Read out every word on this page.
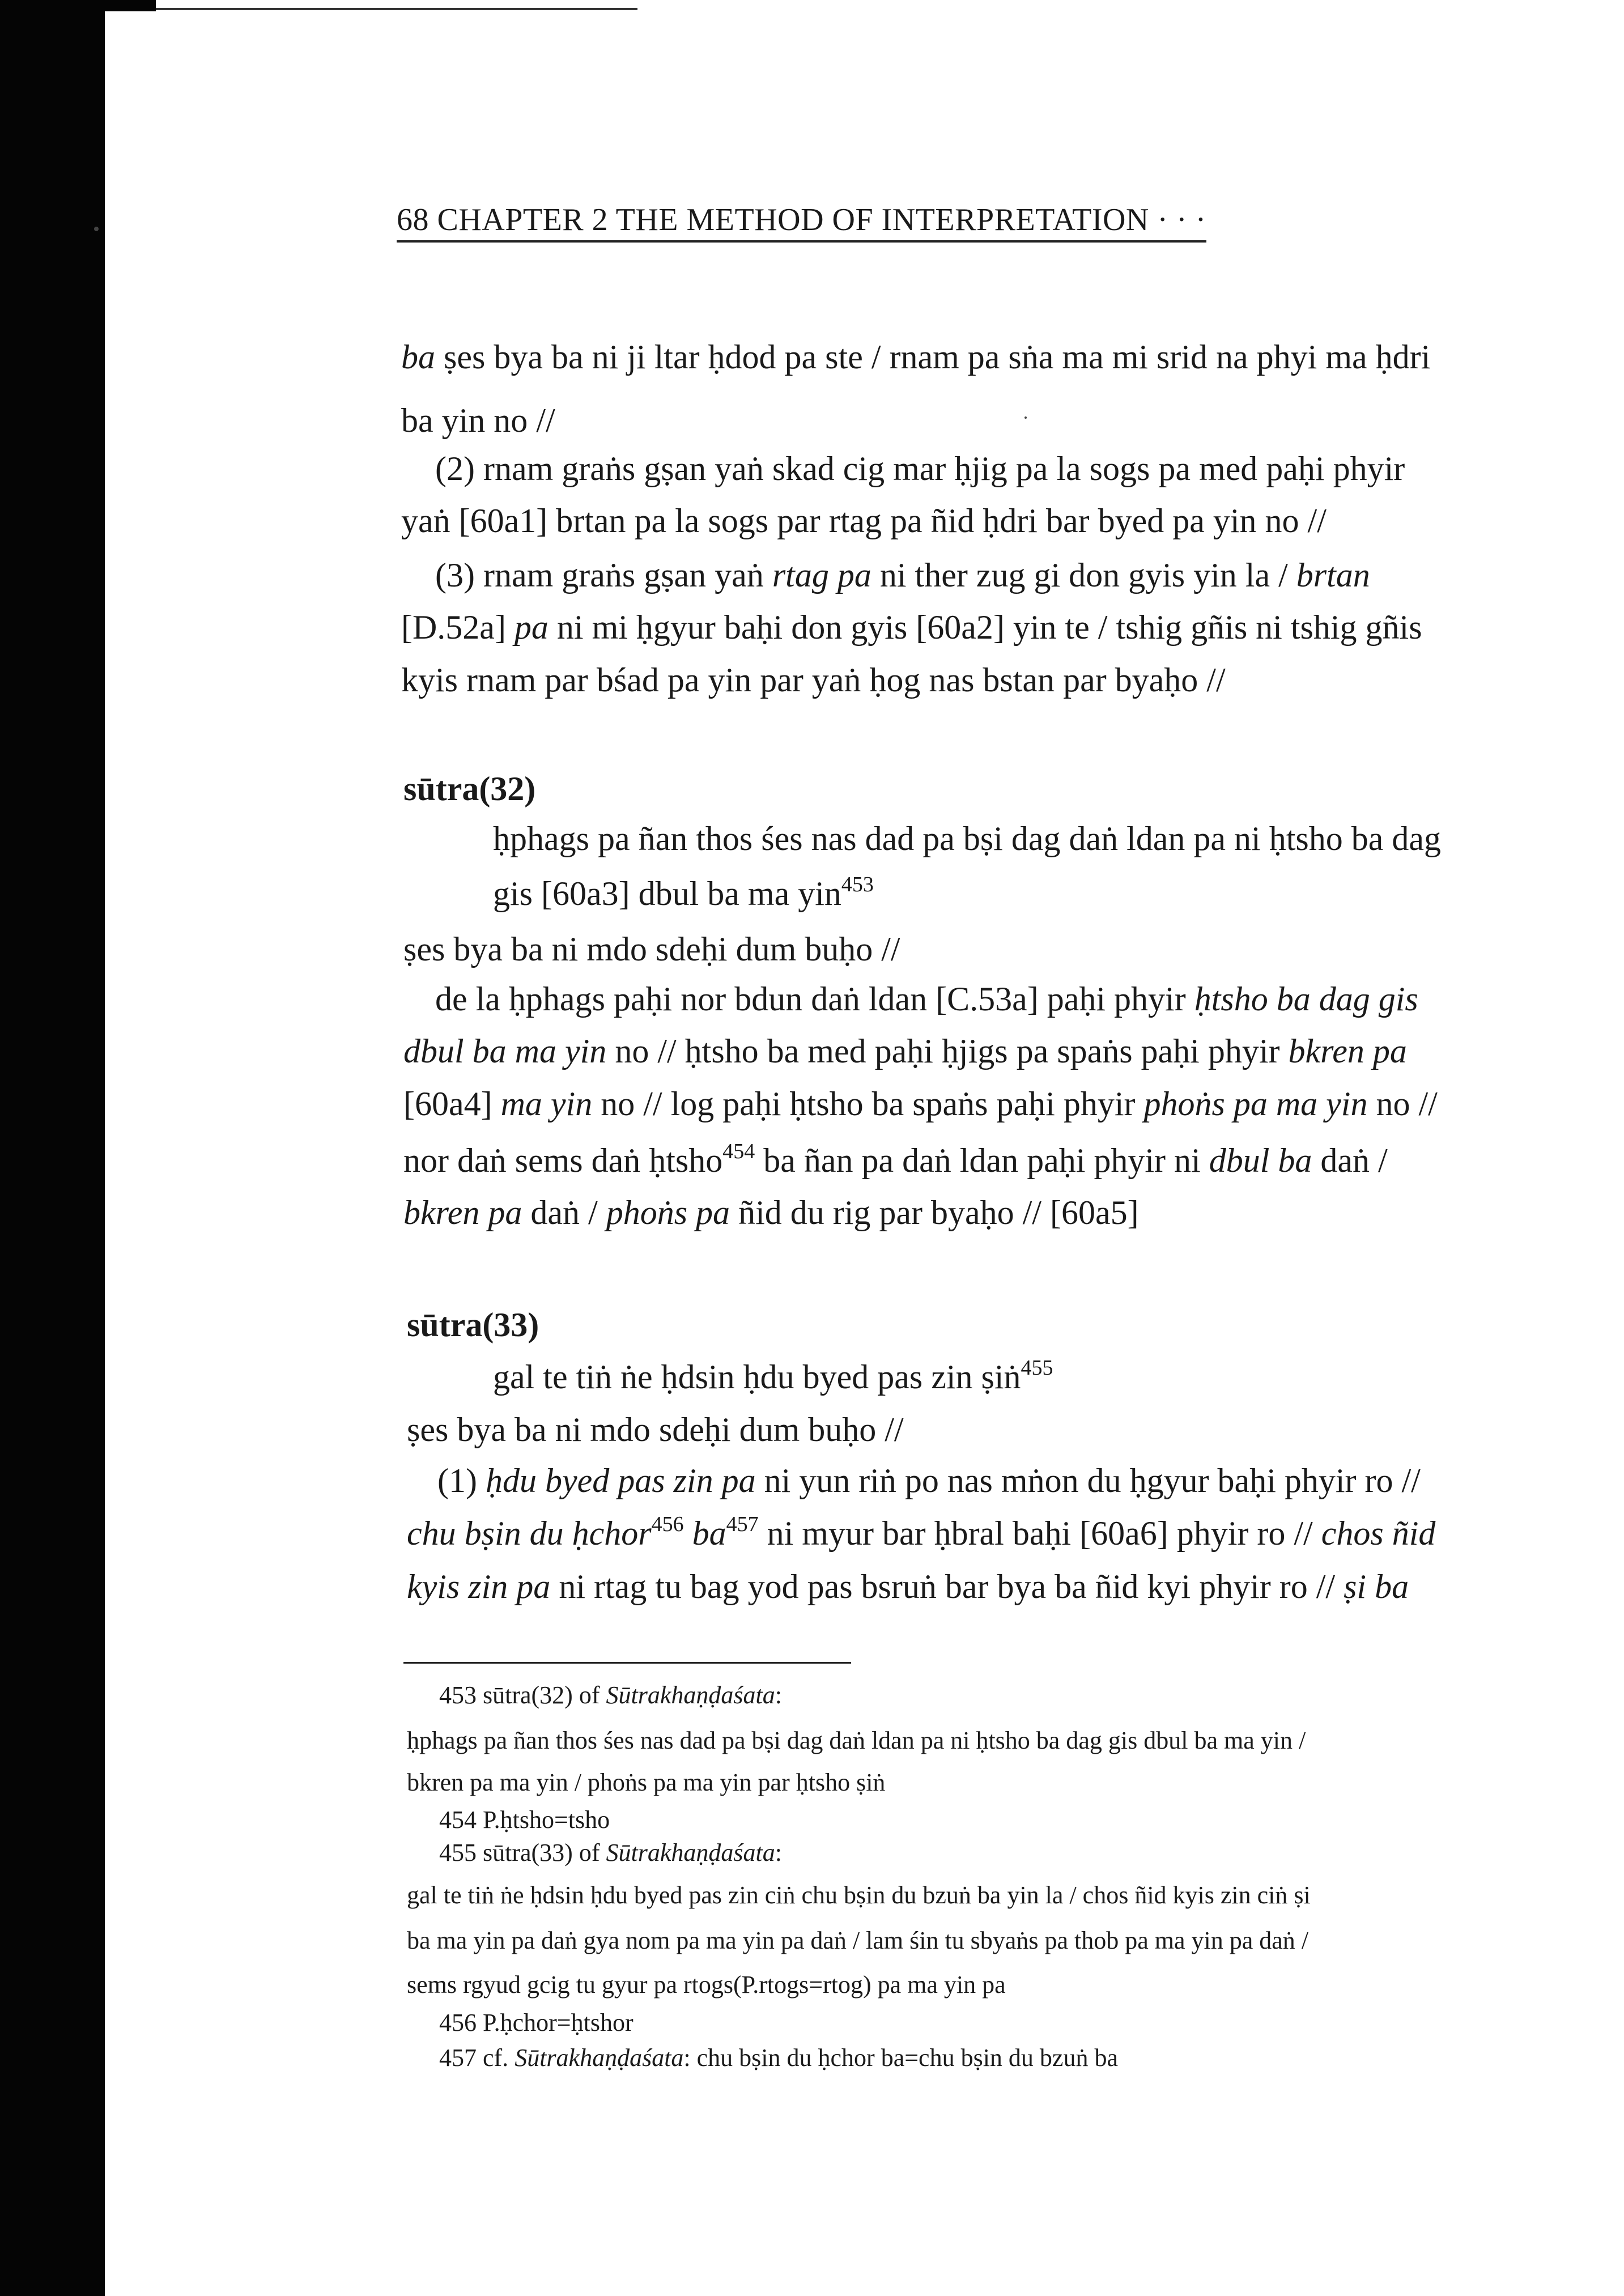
68 CHAPTER 2 THE METHOD OF INTERPRETATION · · ·
ba ṣes bya ba ni ji ltar ḥdod pa ste / rnam pa sṅa ma mi srid na phyi ma ḥdri
ba yin no //
(2) rnam graṅs gṣan yaṅ skad cig mar ḥjig pa la sogs pa med paḥi phyir
yaṅ [60a1] brtan pa la sogs par rtag pa ñid ḥdri bar byed pa yin no //
(3) rnam graṅs gṣan yaṅ rtag pa ni ther zug gi don gyis yin la / brtan
[D.52a] pa ni mi ḥgyur baḥi don gyis [60a2] yin te / tshig gñis ni tshig gñis
kyis rnam par bśad pa yin par yaṅ ḥog nas bstan par byaḥo //
sūtra(32)
ḥphags pa ñan thos śes nas dad pa bṣi dag daṅ ldan pa ni ḥtsho ba dag
gis [60a3] dbul ba ma yin$^{453}$
ṣes bya ba ni mdo sdeḥi dum buḥo //
de la ḥphags paḥi nor bdun daṅ ldan [C.53a] paḥi phyir ḥtsho ba dag gis
dbul ba ma yin no // ḥtsho ba med paḥi ḥjigs pa spaṅs paḥi phyir bkren pa
[60a4] ma yin no // log paḥi ḥtsho ba spaṅs paḥi phyir phoṅs pa ma yin no //
nor daṅ sems daṅ ḥtsho$^{454}$ ba ñan pa daṅ ldan paḥi phyir ni dbul ba daṅ /
bkren pa daṅ / phoṅs pa ñid du rig par byaḥo // [60a5]
sūtra(33)
gal te tiṅ ṅe ḥdsin ḥdu byed pas zin ṣiṅ$^{455}$
ṣes bya ba ni mdo sdeḥi dum buḥo //
(1) ḥdu byed pas zin pa ni yun riṅ po nas mṅon du ḥgyur baḥi phyir ro //
chu bṣin du ḥchor$^{456}$ $ba^{457}$ ni myur bar ḥbral baḥi [60a6] phyir ro // chos ñid
kyis zin pa ni rtag tu bag yod pas bsruṅ bar bya ba ñid kyi phyir ro // ṣi ba
453 sūtra(32) of Sūtrakhaṇḍaśata:
ḥphags pa ñan thos śes nas dad pa bṣi dag daṅ ldan pa ni ḥtsho ba dag gis dbul ba ma yin /
bkren pa ma yin / phoṅs pa ma yin par ḥtsho ṣiṅ
454 P.ḥtsho=tsho
455 sūtra(33) of Sūtrakhaṇḍaśata:
gal te tiṅ ṅe ḥdsin ḥdu byed pas zin ciṅ chu bṣin du bzuṅ ba yin la / chos ñid kyis zin ciṅ ṣi
ba ma yin pa daṅ gya nom pa ma yin pa daṅ / lam śin tu sbyaṅs pa thob pa ma yin pa daṅ /
sems rgyud gcig tu gyur pa rtogs(P.rtogs=rtog) pa ma yin pa
456 P.ḥchor=ḥtshor
457 cf. Sūtrakhaṇḍaśata: chu bṣin du ḥchor ba=chu bṣin du bzuṅ ba
